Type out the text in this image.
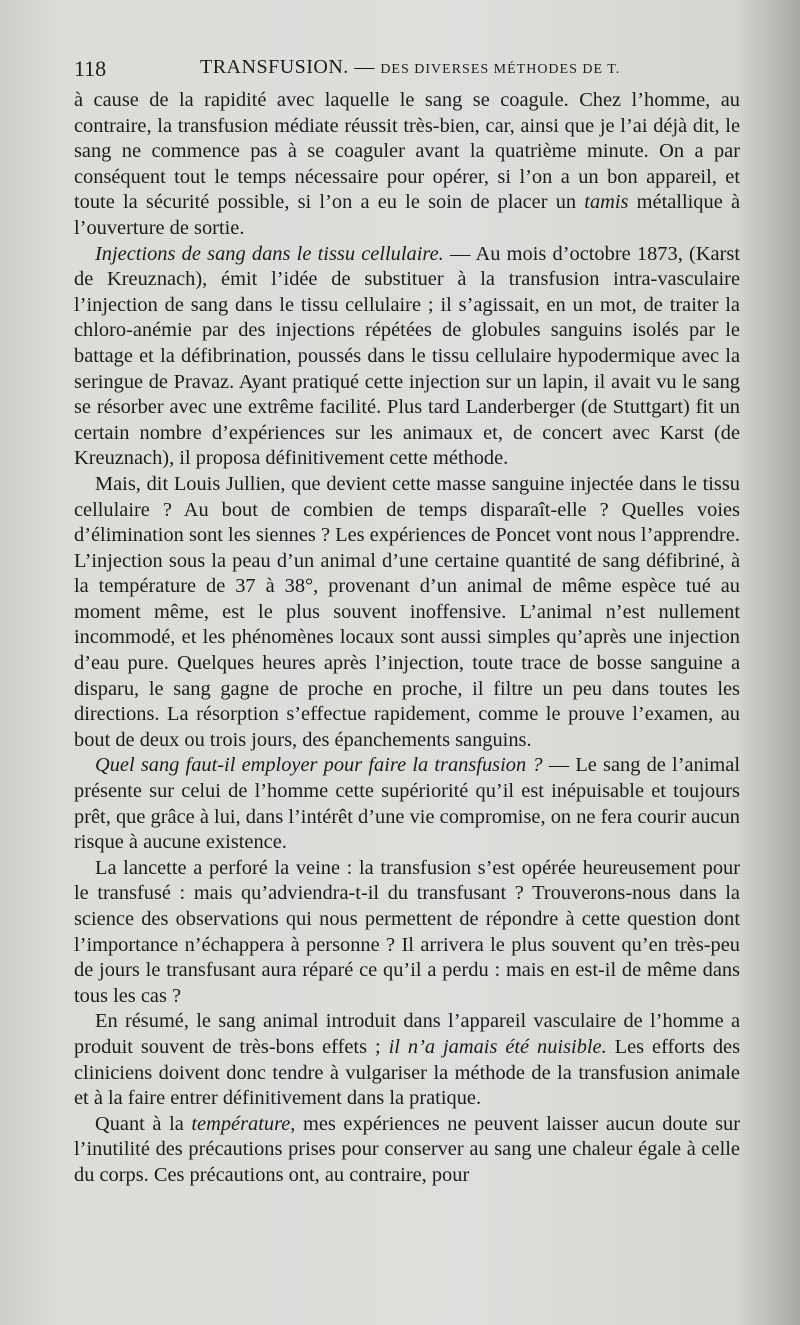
118	TRANSFUSION. — DES DIVERSES MÉTHODES DE T.

à cause de la rapidité avec laquelle le sang se coagule. Chez l’homme, au contraire, la transfusion médiate réussit très-bien, car, ainsi que je l’ai déjà dit, le sang ne commence pas à se coaguler avant la quatrième minute. On a par conséquent tout le temps nécessaire pour opérer, si l’on a un bon appareil, et toute la sécurité possible, si l’on a eu le soin de placer un tamis métallique à l’ouverture de sortie.

Injections de sang dans le tissu cellulaire. — Au mois d’octobre 1873, (Karst de Kreuznach), émit l’idée de substituer à la transfusion intra-vasculaire l’injection de sang dans le tissu cellulaire ; il s’agissait, en un mot, de traiter la chloro-anémie par des injections répétées de globules sanguins isolés par le battage et la défibrination, poussés dans le tissu cellulaire hypodermique avec la seringue de Pravaz. Ayant pratiqué cette injection sur un lapin, il avait vu le sang se résorber avec une extrême facilité. Plus tard Landerberger (de Stuttgart) fit un certain nombre d’expériences sur les animaux et, de concert avec Karst (de Kreuznach), il proposa définitivement cette méthode.

Mais, dit Louis Jullien, que devient cette masse sanguine injectée dans le tissu cellulaire ? Au bout de combien de temps disparaît-elle ? Quelles voies d’élimination sont les siennes ? Les expériences de Poncet vont nous l’apprendre. L’injection sous la peau d’un animal d’une certaine quantité de sang défibriné, à la température de 37 à 38°, provenant d’un animal de même espèce tué au moment même, est le plus souvent inoffensive. L’animal n’est nullement incommodé, et les phénomènes locaux sont aussi simples qu’après une injection d’eau pure. Quelques heures après l’injection, toute trace de bosse sanguine a disparu, le sang gagne de proche en proche, il filtre un peu dans toutes les directions. La résorption s’effectue rapidement, comme le prouve l’examen, au bout de deux ou trois jours, des épanchements sanguins.

Quel sang faut-il employer pour faire la transfusion ? — Le sang de l’animal présente sur celui de l’homme cette supériorité qu’il est inépuisable et toujours prêt, que grâce à lui, dans l’intérêt d’une vie compromise, on ne fera courir aucun risque à aucune existence.

La lancette a perforé la veine : la transfusion s’est opérée heureusement pour le transfusé : mais qu’adviendra-t-il du transfusant ? Trouverons-nous dans la science des observations qui nous permettent de répondre à cette question dont l’importance n’échappera à personne ? Il arrivera le plus souvent qu’en très-peu de jours le transfusant aura réparé ce qu’il a perdu : mais en est-il de même dans tous les cas ?

En résumé, le sang animal introduit dans l’appareil vasculaire de l’homme a produit souvent de très-bons effets ; il n’a jamais été nuisible. Les efforts des cliniciens doivent donc tendre à vulgariser la méthode de la transfusion animale et à la faire entrer définitivement dans la pratique.

Quant à la température, mes expériences ne peuvent laisser aucun doute sur l’inutilité des précautions prises pour conserver au sang une chaleur égale à celle du corps. Ces précautions ont, au contraire, pour
